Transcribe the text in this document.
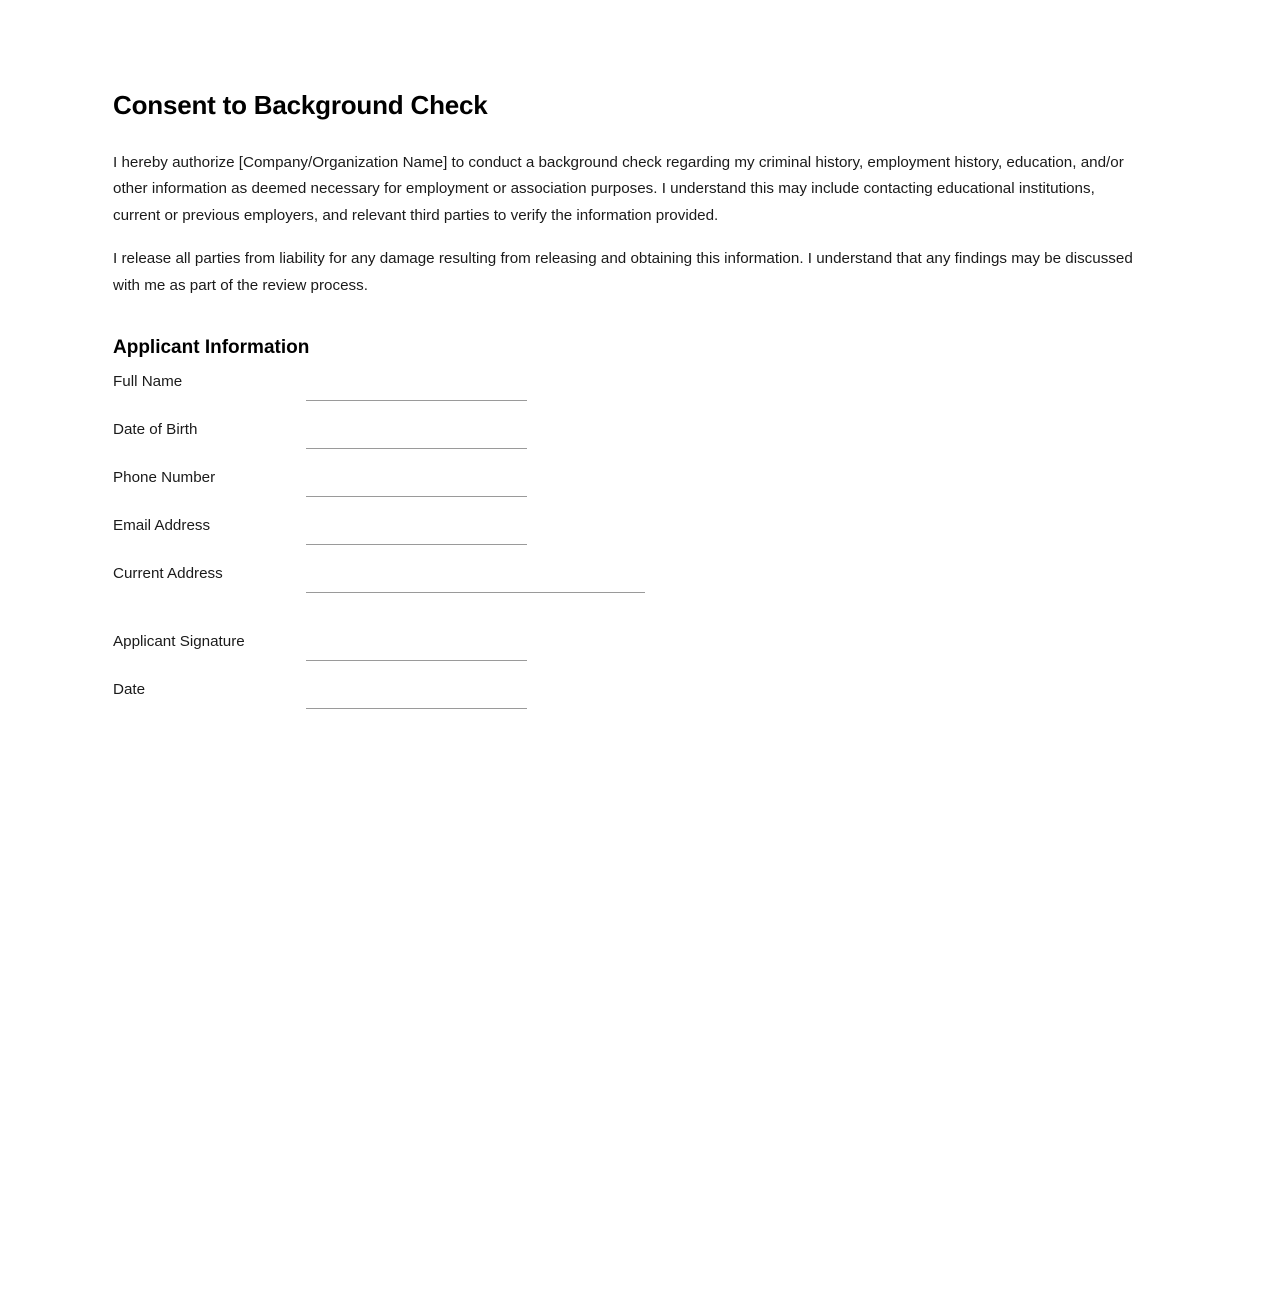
Consent to Background Check

I hereby authorize [Company/Organization Name] to conduct a background check regarding my criminal history, employment history, education, and/or other information as deemed necessary for employment or association purposes. I understand this may include contacting educational institutions, current or previous employers, and relevant third parties to verify the information provided.

I release all parties from liability for any damage resulting from releasing and obtaining this information. I understand that any findings may be discussed with me as part of the review process.

Applicant Information
Full Name
Date of Birth
Phone Number
Email Address
Current Address
Applicant Signature
Date
